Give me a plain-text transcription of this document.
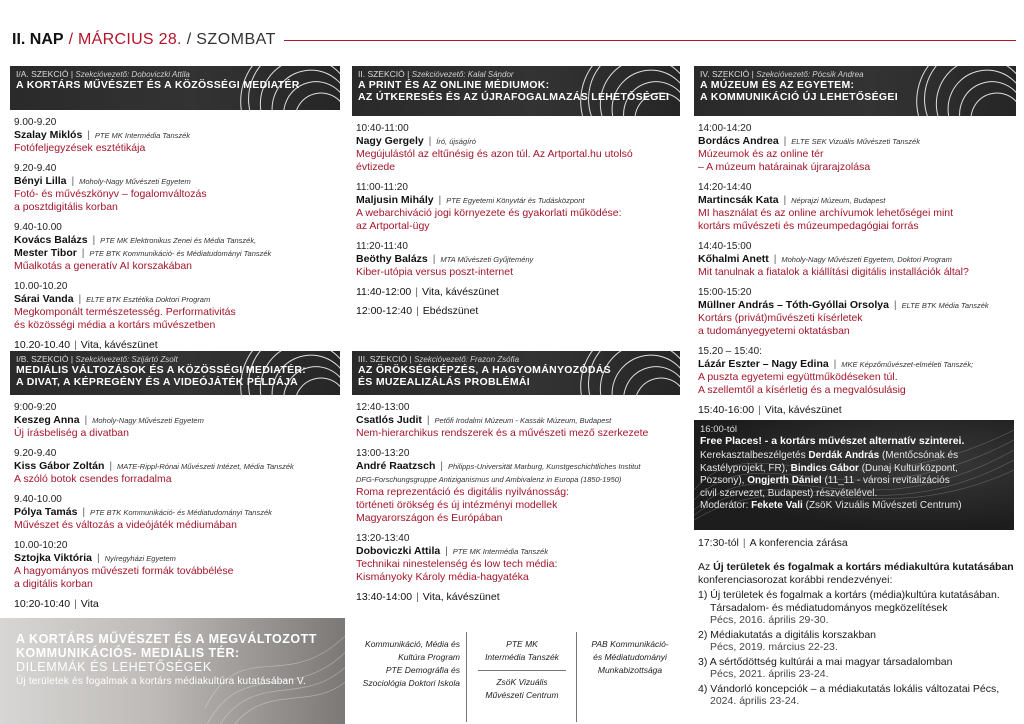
II. NAP / MÁRCIUS 28. / SZOMBAT
I/A. SZEKCIÓ | Szekcióvezető: Doboviczki Attila
A KORTÁRS MŰVÉSZET ÉS A KÖZÖSSÉGI MEDIATÉR
9.00-9.20
Szalay Miklós | PTE MK Intermédia Tanszék
Fotófeljegyzések esztétikája
9.20-9.40
Bényi Lilla | Moholy-Nagy Művészeti Egyetem
Fotó- és művészkönyv – fogalomváltozás
a posztdigitális korban
9.40-10.00
Kovács Balázs | PTE MK Elektronikus Zenei és Média Tanszék,
Mester Tibor | PTE BTK Kommunikáció- és Médiatudományi Tanszék
Műalkotás a generatív AI korszakában
10.00-10.20
Sárai Vanda | ELTE BTK Esztétika Doktori Program
Megkomponált természetesség. Performativitás
és közösségi média a kortárs művészetben
10.20-10.40 | Vita, kávészünet
I/B. SZEKCIÓ | Szekcióvezető: Szijártó Zsolt
MEDIÁLIS VÁLTOZÁSOK ÉS A KÖZÖSSÉGI MEDIATÉR:
A DIVAT, A KÉPREGÉNY ÉS A VIDEÓJÁTÉK PÉLDÁJA
9:00-9:20
Keszeg Anna | Moholy-Nagy Művészeti Egyetem
Új írásbeliség a divatban
9.20-9.40
Kiss Gábor Zoltán | MATE-Rippl-Rónai Művészeti Intézet, Média Tanszék
A szóló botok csendes forradalma
9.40-10.00
Pólya Tamás | PTE BTK Kommunikáció- és Médiatudományi Tanszék
Művészet és változás a videójáték médiumában
10.00-10:20
Sztojka Viktória | Nyíregyházi Egyetem
A hagyományos művészeti formák továbbélése
a digitális korban
10:20-10:40 | Vita
II. SZEKCIÓ | Szekcióvezető: Kalal Sándor
A PRINT ÉS AZ ONLINE MÉDIUMOK:
AZ ÚTKERESÉS ÉS AZ ÚJRAFOGALMAZÁS LEHETŐSÉGEI
10:40-11:00
Nagy Gergely | Író, újságíró
Megújulástól az eltűnésig és azon túl. Az Artportal.hu utolsó
évtizede
11:00-11:20
Maljusin Mihály | PTE Egyetemi Könyvtár és Tudásközpont
A webarchiváció jogi környezete és gyakorlati működése:
az Artportal-ügy
11:20-11:40
Beöthy Balázs | MTA Művészeti Gyűjtemény
Kiber-utópia versus poszt-internet
11:40-12:00 | Vita, kávészünet
12:00-12:40 | Ebédszünet
III. SZEKCIÓ | Szekcióvezető: Frazon Zsófia
AZ ÖRÖKSÉGKÉPZÉS, A HAGYOMÁNYOZÓDÁS
ÉS MUZEALIZÁLÁS PROBLÉMÁI
12:40-13:00
Csatlós Judit | Petőfi Irodalmi Múzeum - Kassák Múzeum, Budapest
Nem-hierarchikus rendszerek és a művészeti mező szerkezete
13:00-13:20
André Raatzsch | Philipps-Universität Marburg, Kunstgeschichtliches Institut
DFG-Forschungsgruppe Antiziganismus und Ambivalenz in Europa (1850-1950)
Roma reprezentáció és digitális nyilvánosság:
történeti örökség és új intézményi modellek
Magyarországon és Európában
13:20-13:40
Doboviczki Attila | PTE MK Intermédia Tanszék
Technikai ninestelenség és low tech média:
Kismányoky Károly média-hagyatéka
13:40-14:00 | Vita, kávészünet
IV. SZEKCIÓ | Szekcióvezető: Pócsik Andrea
A MÚZEUM ÉS AZ EGYETEM:
A KOMMUNIKÁCIÓ ÚJ LEHETŐSÉGEI
14:00-14:20
Bordács Andrea | ELTE SEK Vizuális Művészeti Tanszék
Múzeumok és az online tér
– A múzeum határainak újrarajzolása
14:20-14:40
Martincsák Kata | Néprajzi Múzeum, Budapest
MI használat és az online archívumok lehetőségei mint
kortárs művészeti és múzeumpedagógiai forrás
14:40-15:00
Kőhalmi Anett | Moholy-Nagy Művészeti Egyetem, Doktori Program
Mit tanulnak a fiatalok a kiállítási digitális installációk által?
15:00-15:20
Müllner András – Tóth-Gyóllai Orsolya | ELTE BTK Média Tanszék
Kortárs (privát)művészeti kísérletek
a tudományegyetemi oktatásban
15.20 – 15:40:
Lázár Eszter – Nagy Edina | MKE Képzőművészet-elméleti Tanszék;
A puszta egyetemi együttműködéseken túl.
A szellemtől a kísérletig és a megvalósulásig
15:40-16:00 | Vita, kávészünet
16:00-tól
Free Places! - a kortárs művészet alternatív szinterei.
Kerekasztalbeszélgetés Derdák András (Mentőcsónak és
Kastélyprojekt, FR), Bindics Gábor (Dunaj Kulturközpont,
Pozsony), Ongjerth Dániel (11_11 - városi revitalizációs
civil szervezet, Budapest) részvételével.
Moderátor: Fekete Vali (ZsöK Vizuális Művészeti Centrum)
17:30-tól | A konferencia zárása
Az Új területek és fogalmak a kortárs médiakultúra kutatásában
konferenciasorozat korábbi rendezvényei:
1) Új területek és fogalmak a kortárs (média)kultúra kutatásában.
Társadalom- és médiatudományos megközelítések
Pécs, 2016. április 29-30.
2) Médiakutatás a digitális korszakban
Pécs, 2019. március 22-23.
3) A sértődöttség kultúrái a mai magyar társadalomban
Pécs, 2021. április 23-24.
4) Vándorló koncepciók – a médiakutatás lokális változatai Pécs,
2024. április 23-24.
A KORTÁRS MŰVÉSZET ÉS A MEGVÁLTOZOTT
KOMMUNIKÁCIÓS- MEDIÁLIS TÉR:
DILEMMÁK ÉS LEHETŐSÉGEK
Új területek és fogalmak a kortárs médiakultúra kutatásában V.
Kommunikáció, Média és
Kultúra Program
PTE Demográfia és
Szociológia Doktori Iskola
PTE MK
Intermédia Tanszék
ZsöK Vizuális
Művészeti Centrum
PAB Kommunikáció-
és Médiatudományi
Munkabizottsága
